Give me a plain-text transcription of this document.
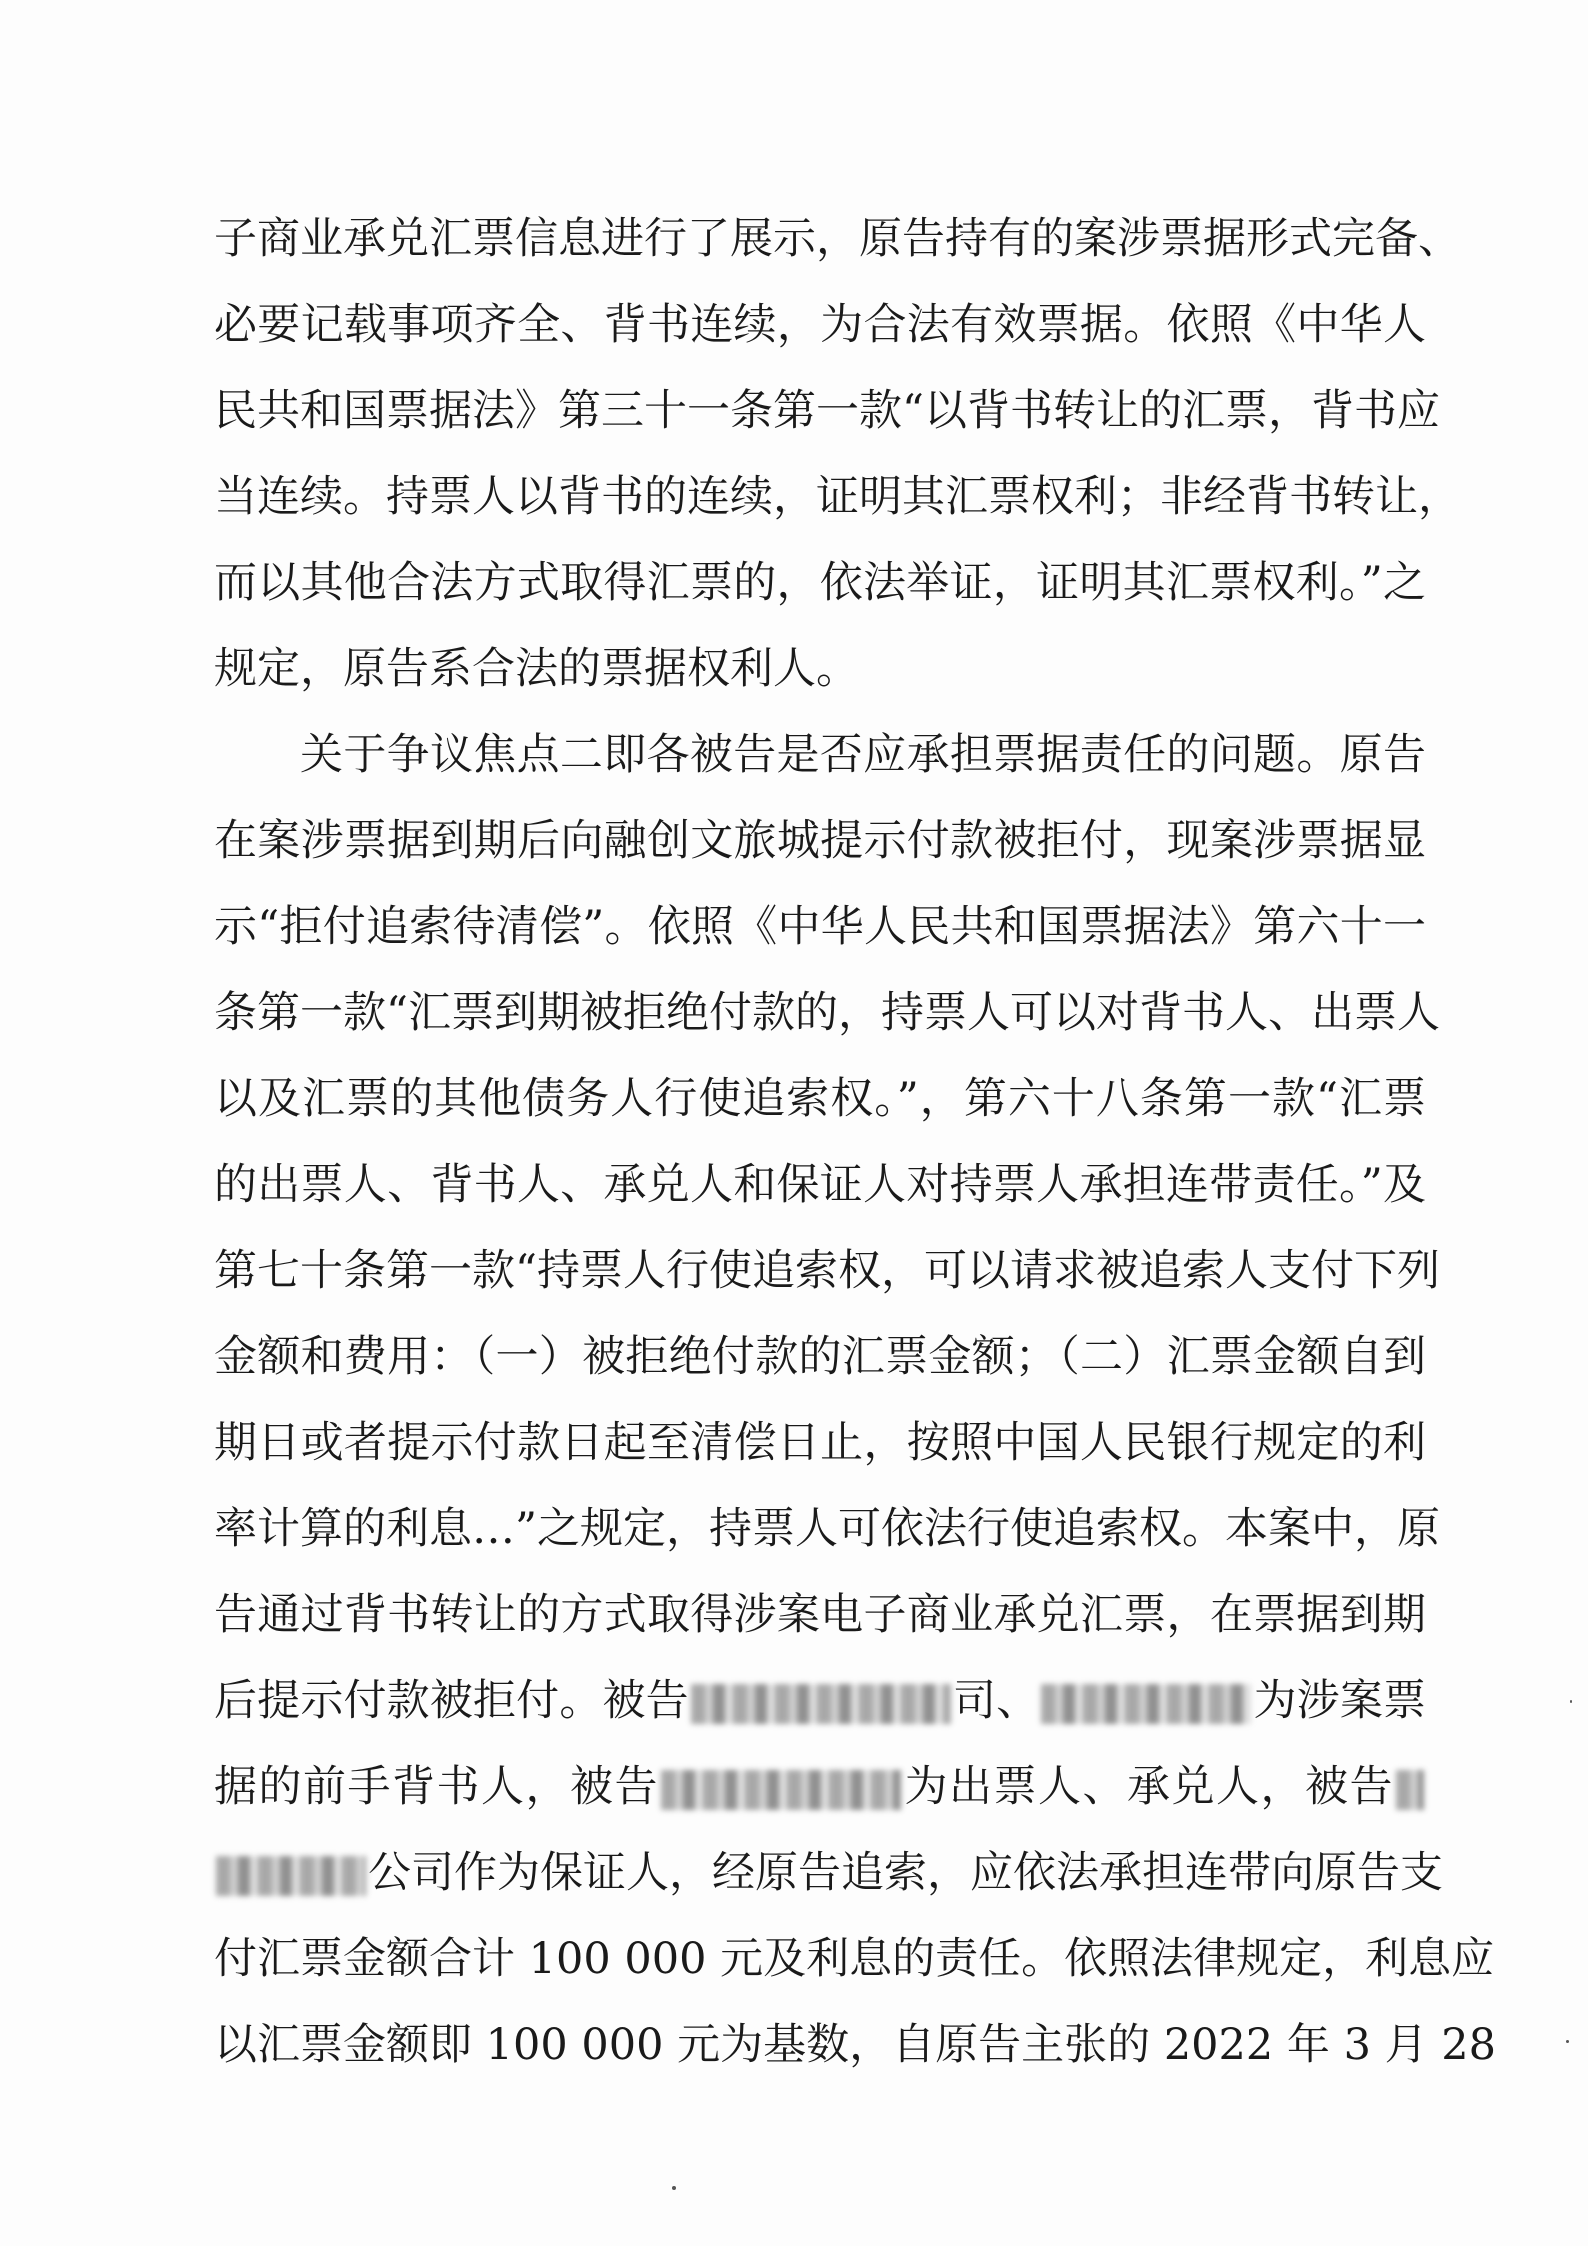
子商业承兑汇票信息进行了展示，原告持有的案涉票据形式完备、
必要记载事项齐全、背书连续，为合法有效票据。依照《中华人
民共和国票据法》第三十一条第一款“以背书转让的汇票，背书应
当连续。持票人以背书的连续，证明其汇票权利；非经背书转让，
而以其他合法方式取得汇票的，依法举证，证明其汇票权利。”之
规定，原告系合法的票据权利人。
关于争议焦点二即各被告是否应承担票据责任的问题。原告
在案涉票据到期后向融创文旅城提示付款被拒付，现案涉票据显
示“拒付追索待清偿”。依照《中华人民共和国票据法》第六十一
条第一款“汇票到期被拒绝付款的，持票人可以对背书人、出票人
以及汇票的其他债务人行使追索权。”，第六十八条第一款“汇票
的出票人、背书人、承兑人和保证人对持票人承担连带责任。”及
第七十条第一款“持票人行使追索权，可以请求被追索人支付下列
金额和费用：（一）被拒绝付款的汇票金额；（二）汇票金额自到
期日或者提示付款日起至清偿日止，按照中国人民银行规定的利
率计算的利息…”之规定，持票人可依法行使追索权。本案中，原
告通过背书转让的方式取得涉案电子商业承兑汇票，在票据到期
后提示付款被拒付。被告	司、	为涉案票
据的前手背书人，被告	为出票人、承兑人，被告
公司作为保证人，经原告追索，应依法承担连带向原告支
付汇票金额合计 100 000 元及利息的责任。依照法律规定，利息应
以汇票金额即 100 000 元为基数，自原告主张的 2022 年 3 月 28
